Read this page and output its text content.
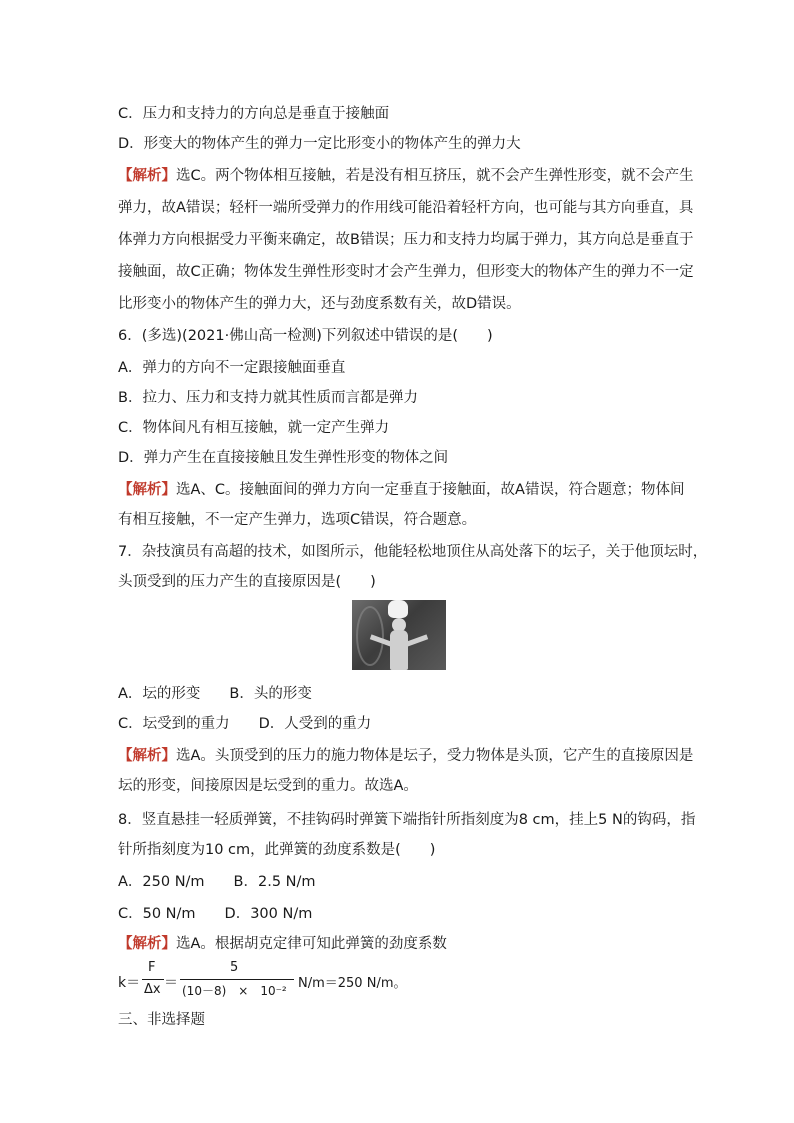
C．压力和支持力的方向总是垂直于接触面
D．形变大的物体产生的弹力一定比形变小的物体产生的弹力大
【解析】选C。两个物体相互接触，若是没有相互挤压，就不会产生弹性形变，就不会产生
弹力，故A错误；轻杆一端所受弹力的作用线可能沿着轻杆方向，也可能与其方向垂直，具
体弹力方向根据受力平衡来确定，故B错误；压力和支持力均属于弹力，其方向总是垂直于
接触面，故C正确；物体发生弹性形变时才会产生弹力，但形变大的物体产生的弹力不一定
比形变小的物体产生的弹力大，还与劲度系数有关，故D错误。
6．(多选)(2021·佛山高一检测)下列叙述中错误的是(　　)
A．弹力的方向不一定跟接触面垂直
B．拉力、压力和支持力就其性质而言都是弹力
C．物体间凡有相互接触，就一定产生弹力
D．弹力产生在直接接触且发生弹性形变的物体之间
【解析】选A、C。接触面间的弹力方向一定垂直于接触面，故A错误，符合题意；物体间
有相互接触，不一定产生弹力，选项C错误，符合题意。
7．杂技演员有高超的技术，如图所示，他能轻松地顶住从高处落下的坛子，关于他顶坛时，
头顶受到的压力产生的直接原因是(　　)
A．坛的形变　　B．头的形变
C．坛受到的重力　　D．人受到的重力
【解析】选A。头顶受到的压力的施力物体是坛子，受力物体是头顶，它产生的直接原因是
坛的形变，间接原因是坛受到的重力。故选A。
8．竖直悬挂一轻质弹簧，不挂钩码时弹簧下端指针所指刻度为8 cm，挂上5 N的钩码，指
针所指刻度为10 cm，此弹簧的劲度系数是(　　)
A．250 N/m　　B．2.5 N/m
C．50 N/m　　D．300 N/m
【解析】选A。根据胡克定律可知此弹簧的劲度系数
k＝
F
Δx ＝
5
(10－8)　×　10⁻² N/m＝250 N/m。
三、非选择题
